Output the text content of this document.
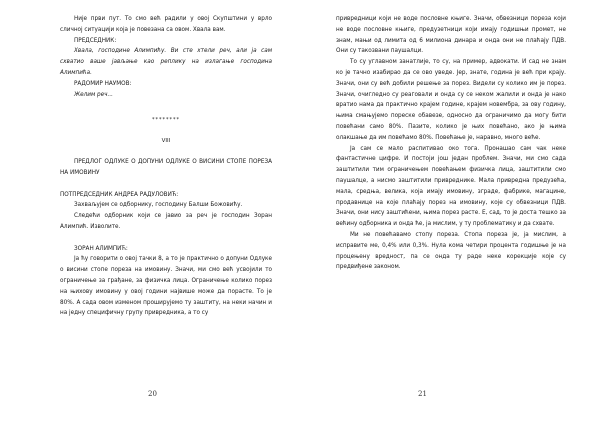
Није први пут. То смо већ радили у овој Скупштини у врло сличној ситуацији која је повезана са овом. Хвала вам.
ПРЕДСЕДНИК:
Хвала, господине Алимпићу. Ви сте хтели реч, али ја сам схватио ваше јављање као реплику на излагање господина Алимпића.
РАДОМИР НАУМОВ:
Желим реч...
********
VIII
ПРЕДЛОГ ОДЛУКЕ О ДОПУНИ ОДЛУКЕ О ВИСИНИ СТОПЕ ПОРЕЗА НА ИМОВИНУ
ПОТПРЕДСЕДНИК АНДРЕА РАДУЛОВИЋ:
Захваљујем се одборнику, господину Балши Божовићу.
Следећи одборник који се јавио за реч је господин Зоран Алимпић. Изволите.
ЗОРАН АЛИМПИЋ:
Ја ћу говорити о овој тачки 8, а то је практично о допуни Одлуке о висини стопе пореза на имовину. Значи, ми смо већ усвојили то ограничење за грађане, за физичка лица. Ограничење колико порез на њихову имовину у овој години највише може да порасте. То је 80%. А сада овом изменом проширујемо ту заштиту, на неки начин и на једну специфичну групу привредника, а то су
20
привредници који не воде пословне књиге. Значи, обвезници пореза који не воде пословне књиге, предузетници који имају годишњи промет, не знам, мањи од лимита од 6 милиона динара и онда они не плаћају ПДВ. Они су такозвани паушалци.
То су углавном занатлије, то су, на пример, адвокати. И сад не знам ко је тачно изабирао да се ово уведе. Јер, знате, година је већ при крају. Значи, они су већ добили решење за порез. Видели су колико им је порез. Значи, очигледно су реаговали и онда су се неком жалили и онда је нако вратио нама да практично крајем године, крајем новембра, за ову годину, њима смањујемо пореске обавезе, односно да ограничимо да могу бити повећани само 80%. Пазите, колико је њих повећано, ако је њима олакшање да им повећамо 80%. Повећање је, наравно, много веће.
Ја сам се мало распитивао око тога. Пронашао сам чак неке фантастичне цифре. И постоји још један проблем. Значи, ми смо сада заштитили тим ограничењем повећањем физичка лица, заштитили смо паушалце, а нисмо заштитили привреднике. Мала привредна предузећа, мала, средња, велика, која имају имовину, зграде, фабрике, магацине, продавнице на које плаћају порез на имовину, које су обвезници ПДВ. Значи, они нису заштићени, њима порез расте. Е, сад, то је доста тешко за већину одборника и онда ће, ја мислим, у ту проблематику и да схвате.
Ми не повећавамо стопу пореза. Стопа пореза је, ја мислим, а исправите ме, 0,4% или 0,3%. Нула кома четири процента годишње је на процењену вредност, па се онда ту раде неке корекције које су предвиђене законом.
21
